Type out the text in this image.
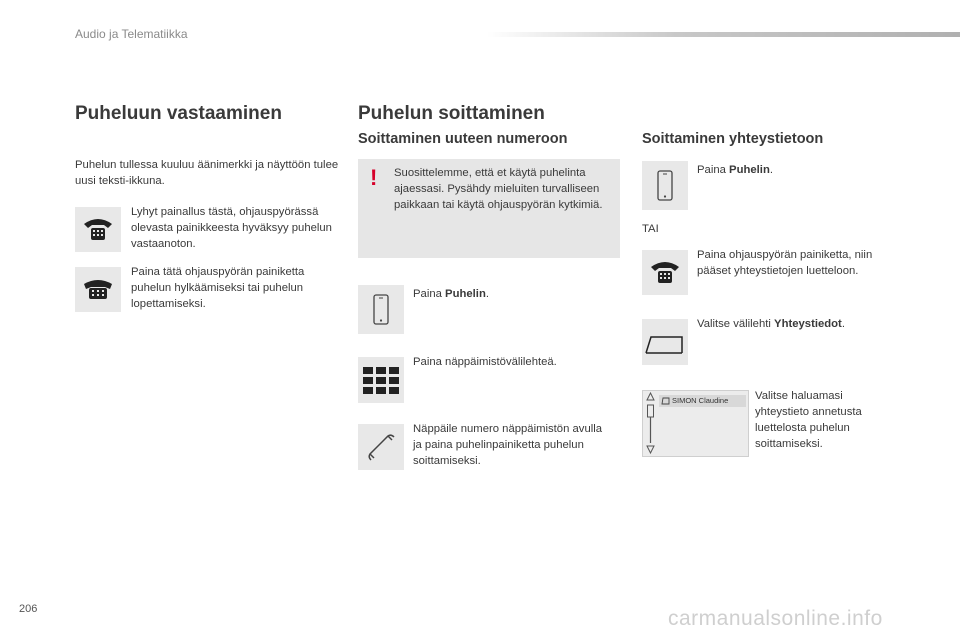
Audio ja Telematiikka
Puheluun vastaaminen
Puhelun tullessa kuuluu äänimerkki ja näyttöön tulee uusi teksti-ikkuna.
Lyhyt painallus tästä, ohjauspyörässä olevasta painikkeesta hyväksyy puhelun vastaanoton.
Paina tätä ohjauspyörän painiketta puhelun hylkäämiseksi tai puhelun lopettamiseksi.
Puhelun soittaminen
Soittaminen uuteen numeroon
! Suosittelemme, että et käytä puhelinta ajaessasi. Pysähdy mieluiten turvalliseen paikkaan tai käytä ohjauspyörän kytkimiä.
Paina Puhelin.
Paina näppäimistövälilehteä.
Näppäile numero näppäimistön avulla ja paina puhelinpainiketta puhelun soittamiseksi.
Soittaminen yhteystietoon
Paina Puhelin.
TAI
Paina ohjauspyörän painiketta, niin pääset yhteystietojen luetteloon.
Valitse välilehti Yhteystiedot.
SIMON Claudine Valitse haluamasi yhteystieto annetusta luettelosta puhelun soittamiseksi.
206	carmanualsonline.info
